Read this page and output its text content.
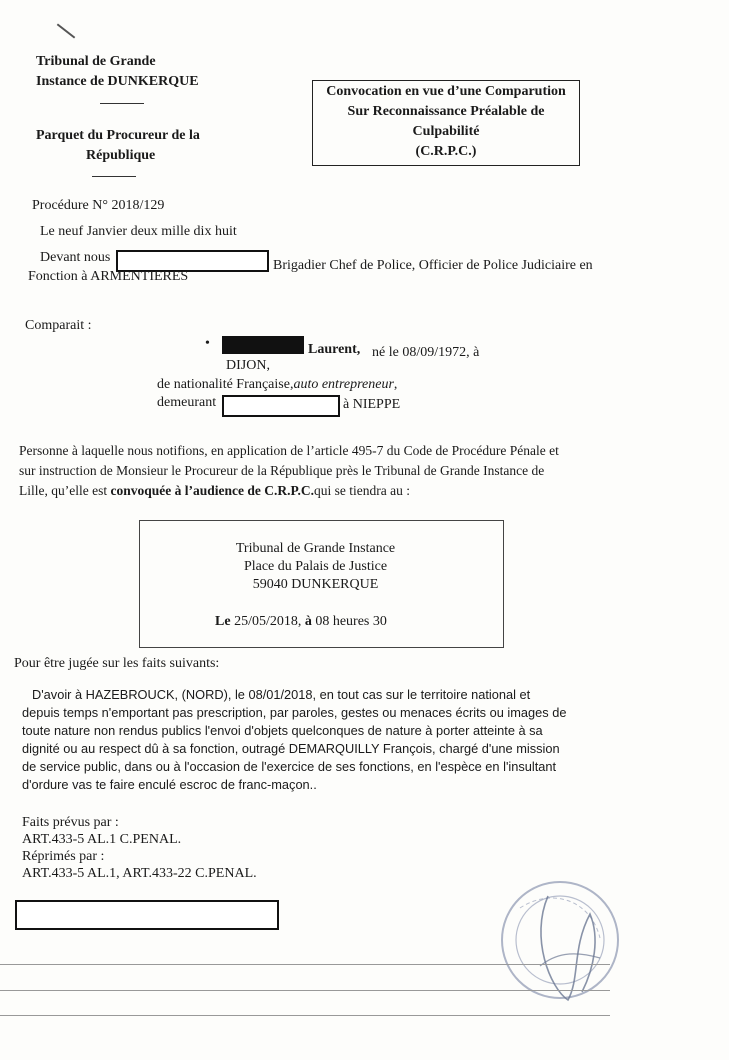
Tribunal de Grande
Instance de DUNKERQUE
Parquet du Procureur de la
République
Convocation en vue d’une Comparution
Sur Reconnaissance Préalable de
Culpabilité
(C.R.P.C.)
Procédure N° 2018/129
Le neuf Janvier deux mille dix huit
Devant nous
Brigadier Chef de Police, Officier de Police Judiciaire en
Fonction à ARMENTIERES
Comparait :
•	Laurent, né le 08/09/1972, à
DIJON,
de nationalité Française,auto entrepreneur,
demeurant	à NIEPPE
Personne à laquelle nous notifions, en application de l’article 495-7 du Code de Procédure Pénale et
sur instruction de Monsieur le Procureur de la République près le Tribunal de Grande Instance de
Lille, qu’elle est convoquée à l’audience de C.R.P.C.qui se tiendra au :
Tribunal de Grande Instance
Place du Palais de Justice
59040 DUNKERQUE
Le 25/05/2018, à 08 heures 30
Pour être jugée sur les faits suivants:
D'avoir à HAZEBROUCK, (NORD), le 08/01/2018, en tout cas sur le territoire national et
depuis temps n'emportant pas prescription, par paroles, gestes ou menaces écrits ou images de
toute nature non rendus publics l'envoi d'objets quelconques de nature à porter atteinte à sa
dignité ou au respect dû à sa fonction, outragé DEMARQUILLY François, chargé d'une mission
de service public, dans ou à l'occasion de l'exercice de ses fonctions, en l'espèce en l'insultant
d'ordure vas te faire enculé escroc de franc-maçon..
Faits prévus par :
ART.433-5 AL.1 C.PENAL.
Réprimés par :
ART.433-5 AL.1, ART.433-22 C.PENAL.
